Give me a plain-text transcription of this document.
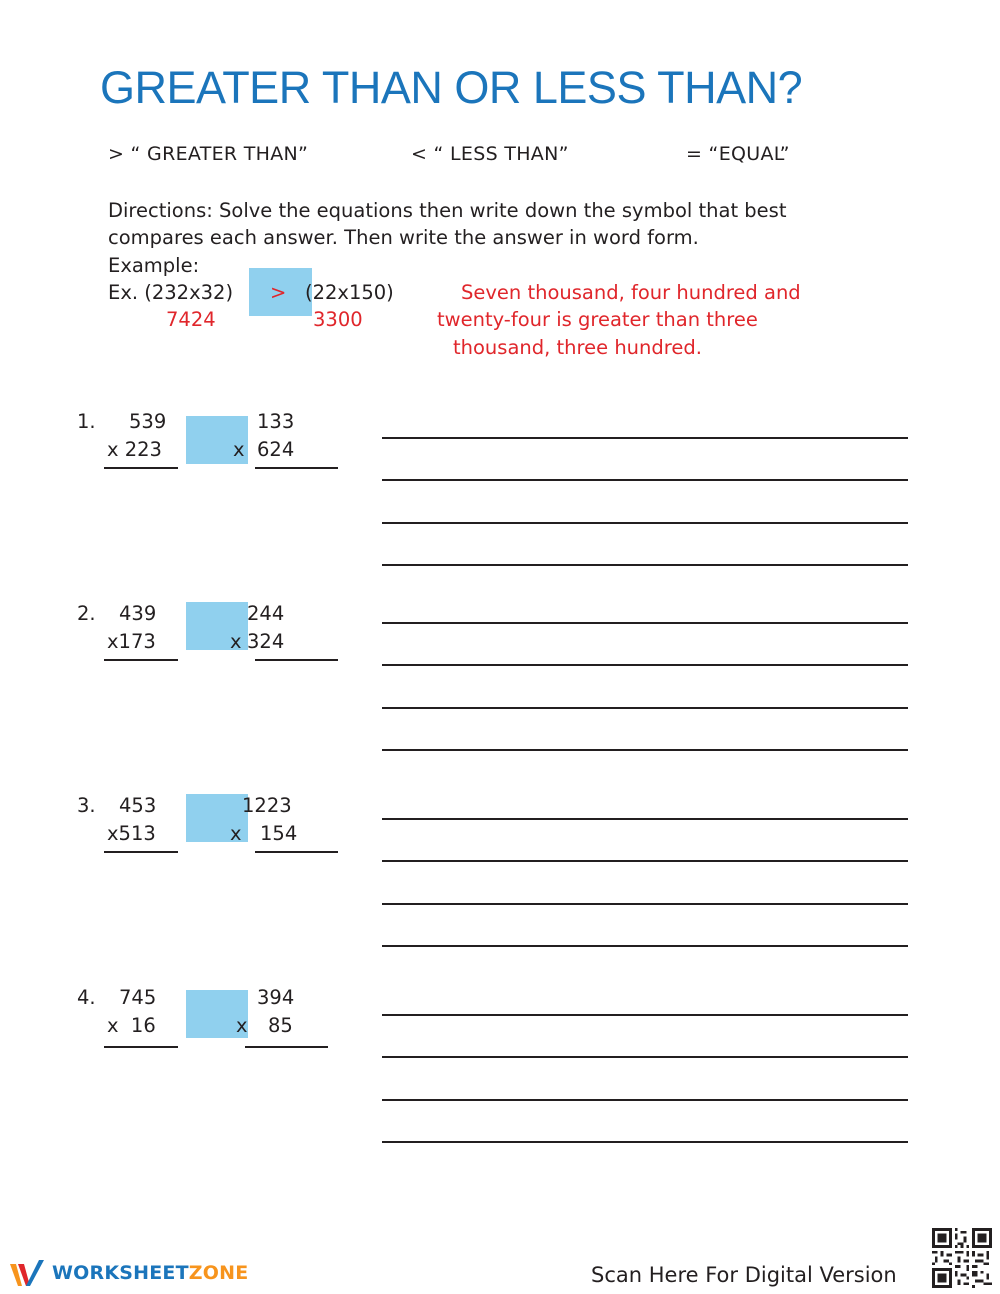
GREATER THAN OR LESS THAN?
> “ GREATER THAN”	< “ LESS THAN”	= “EQUAL”
Directions: Solve the equations then write down the symbol that best
compares each answer. Then write the answer in word form.
Example:
Ex. (232x32) > (22x150)
7424	3300
Seven thousand, four hundred and
twenty-four is greater than three
thousand, three hundred.
1. 539
x 223
133
x 624
2. 439
x173
244
x 324
3. 453
x513
1223
x 154
4. 745
x  16
394
x 85
WORKSHEETZONE	Scan Here For Digital Version
